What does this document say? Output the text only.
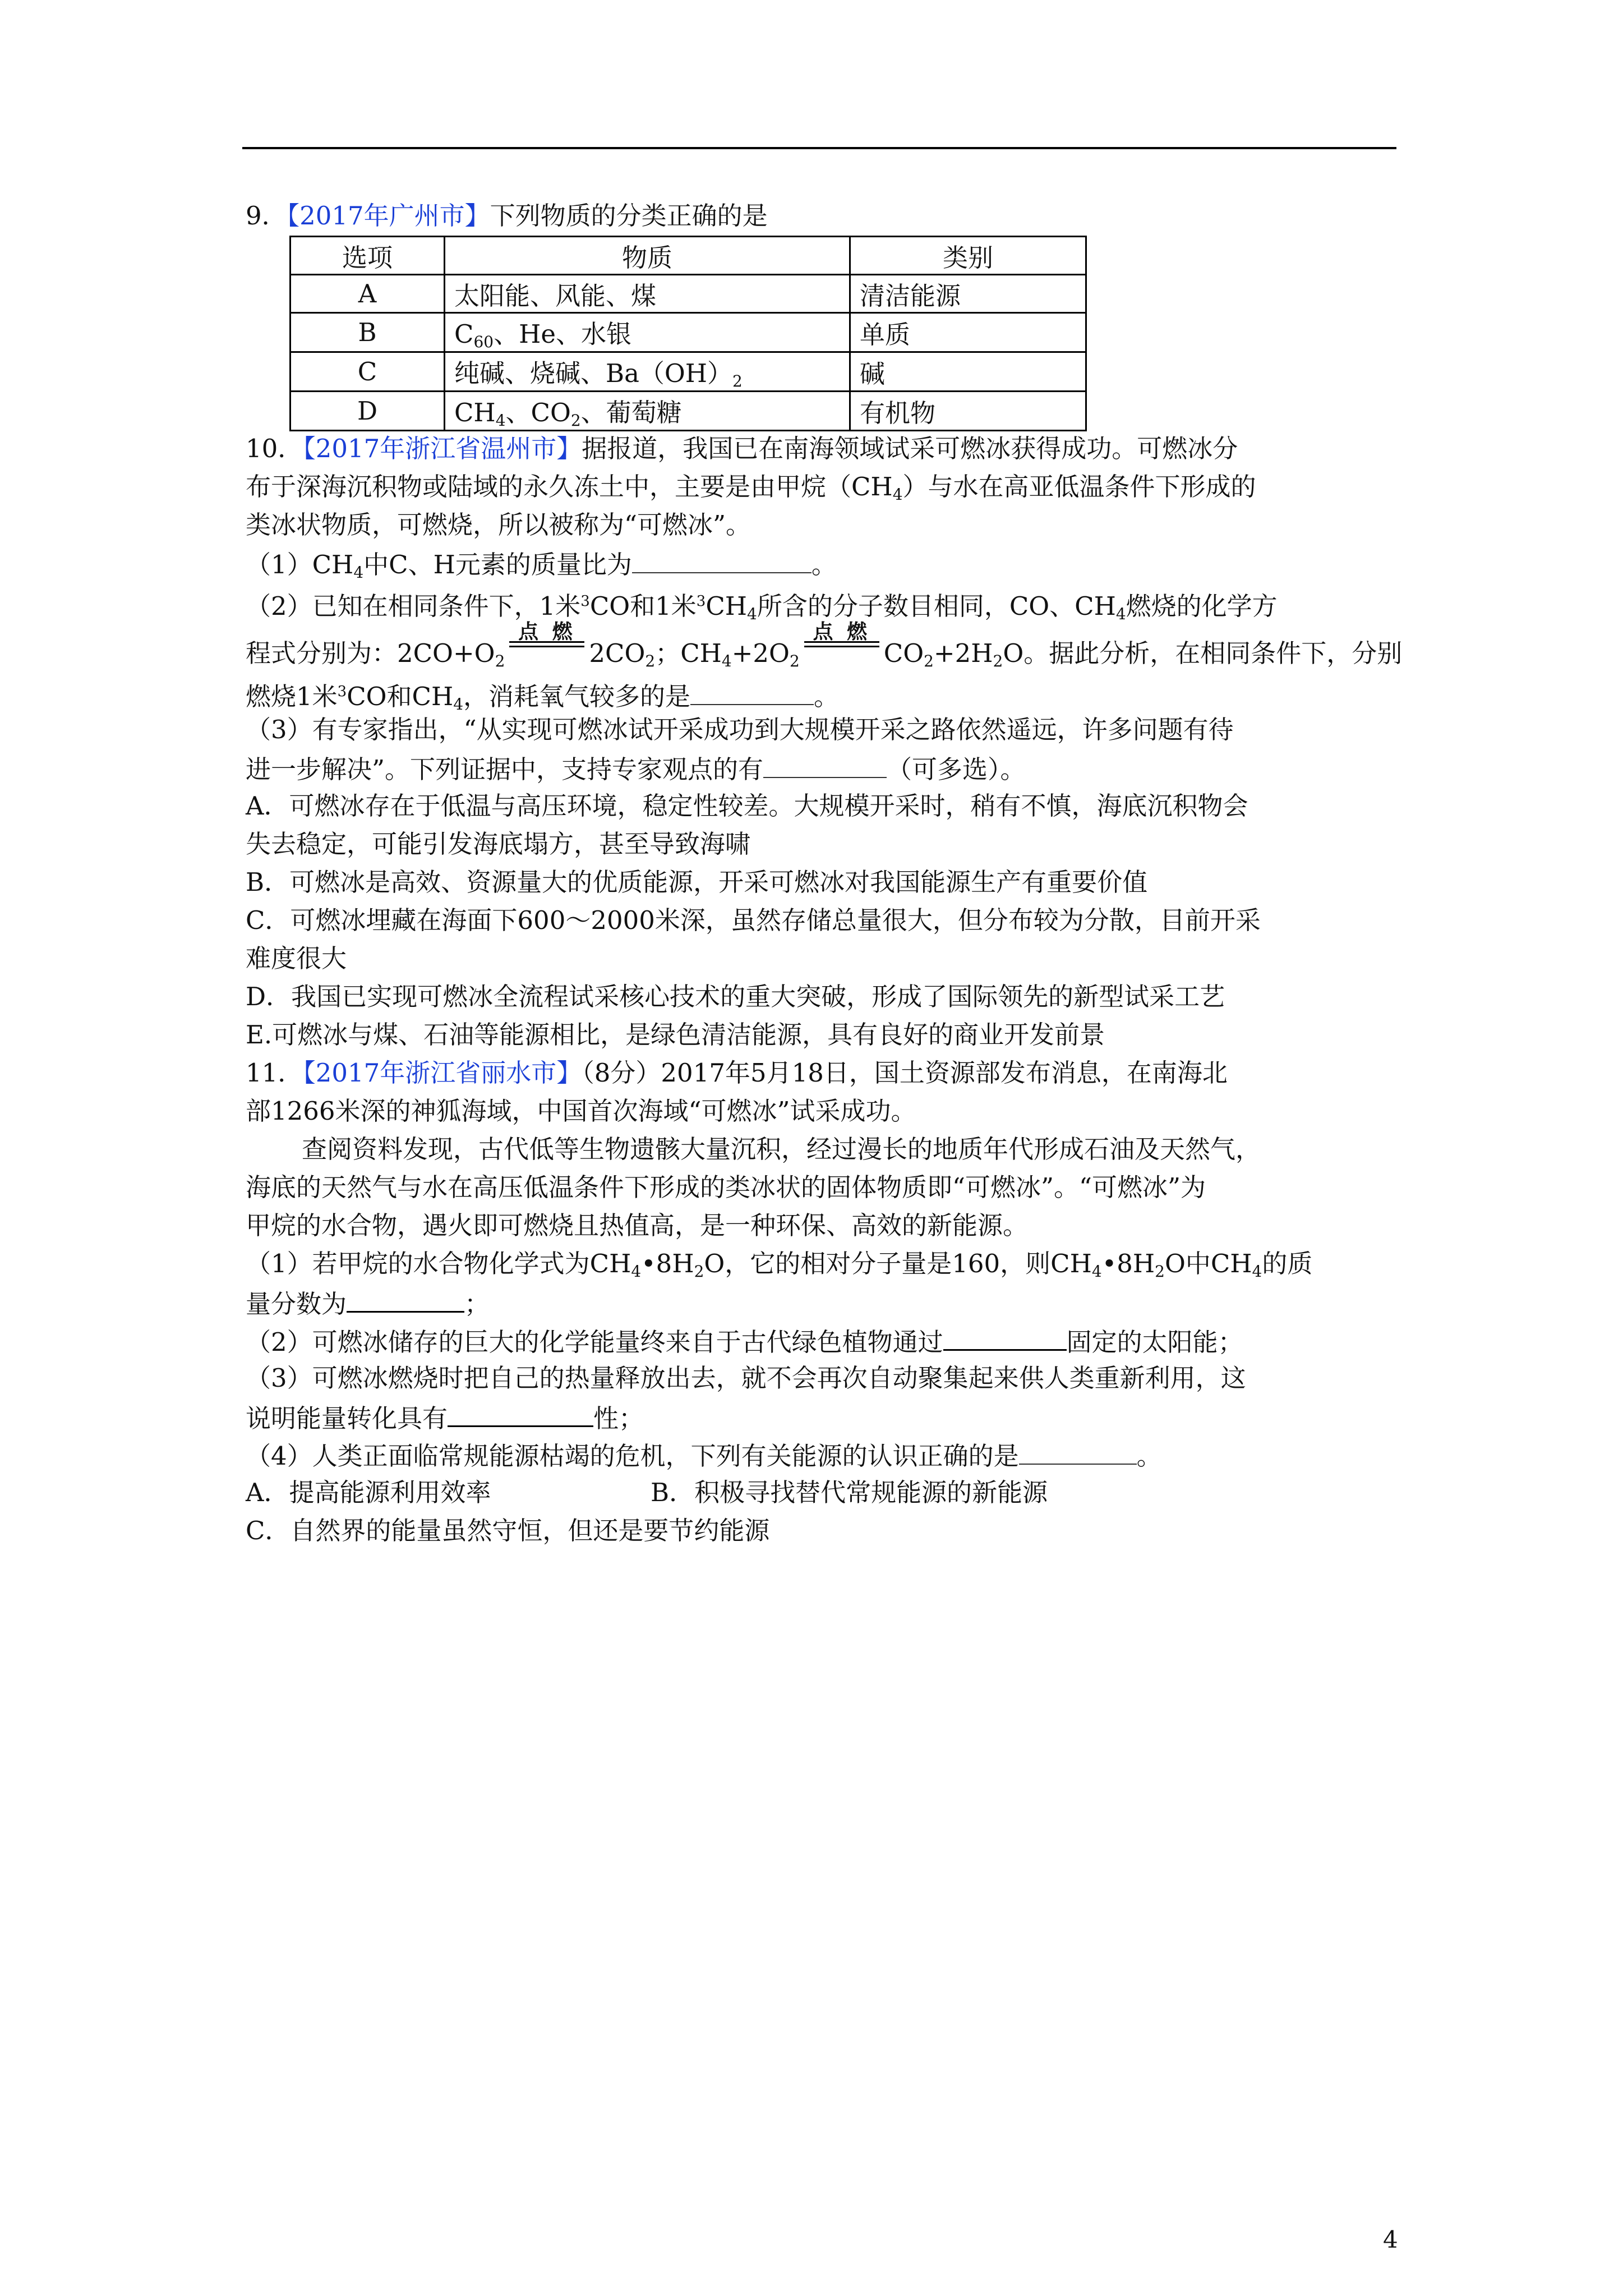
9．【2017年广州市】下列物质的分类正确的是
选项	物质	类别
A	太阳能、风能、煤	清洁能源
B	$C_{60}$、He、水银	单质
C	纯碱、烧碱、$Ba(OH)_2$	碱
D	$CH_4$、$CO_2$、葡萄糖	有机物
10．【2017年浙江省温州市】据报道，我国已在南海领域试采可燃冰获得成功。可燃冰分
布于深海沉积物或陆域的永久冻土中，主要是由甲烷$(CH_4)$与水在高亚低温条件下形成的
类冰状物质，可燃烧，所以被称为“可燃冰”。
$(1)CH_4$中C、H元素的质量比为	。
（2）已知在相同条件下，1米$^3$CO和1米$^3CH_4$所含的分子数目相同，CO、$CH_4$燃烧的化学方
程式分别为：$2CO+O_2$
点 燃
$2CO_2$；$CH_4+2O_2$
点 燃
$CO_2+2H_2O$。据此分析，在相同条件下，分别
燃烧1米$^3$CO和$CH_4$，消耗氧气较多的是	。
（3）有专家指出，“从实现可燃冰试开采成功到大规模开采之路依然遥远，许多问题有待
进一步解决”。下列证据中，支持专家观点的有	（可多选）。
A．可燃冰存在于低温与高压环境，稳定性较差。大规模开采时，稍有不慎，海底沉积物会
失去稳定，可能引发海底塌方，甚至导致海啸
B．可燃冰是高效、资源量大的优质能源，开采可燃冰对我国能源生产有重要价值
C．可燃冰埋藏在海面下600～2000米深，虽然存储总量很大，但分布较为分散，目前开采
难度很大
D．我国已实现可燃冰全流程试采核心技术的重大突破，形成了国际领先的新型试采工艺
E.可燃冰与煤、石油等能源相比，是绿色清洁能源，具有良好的商业开发前景
11．【2017年浙江省丽水市】（8分）2017年5月18日，国土资源部发布消息，在南海北
部1266米深的神狐海域，中国首次海域“可燃冰”试采成功。
查阅资料发现，古代低等生物遗骸大量沉积，经过漫长的地质年代形成石油及天然气，
海底的天然气与水在高压低温条件下形成的类冰状的固体物质即“可燃冰”。“可燃冰”为
甲烷的水合物，遇火即可燃烧且热值高，是一种环保、高效的新能源。
（1）若甲烷的水合物化学式为$CH_4•8H_2O$，它的相对分子量是160，则$CH_4•8H_2O$中$CH_4$的质
量分数为	；
（2）可燃冰储存的巨大的化学能量终来自于古代绿色植物通过	固定的太阳能；
（3）可燃冰燃烧时把自己的热量释放出去，就不会再次自动聚集起来供人类重新利用，这
说明能量转化具有	性；
（4）人类正面临常规能源枯竭的危机，下列有关能源的认识正确的是	。
A．提高能源利用效率	B．积极寻找替代常规能源的新能源
C．自然界的能量虽然守恒，但还是要节约能源
4
